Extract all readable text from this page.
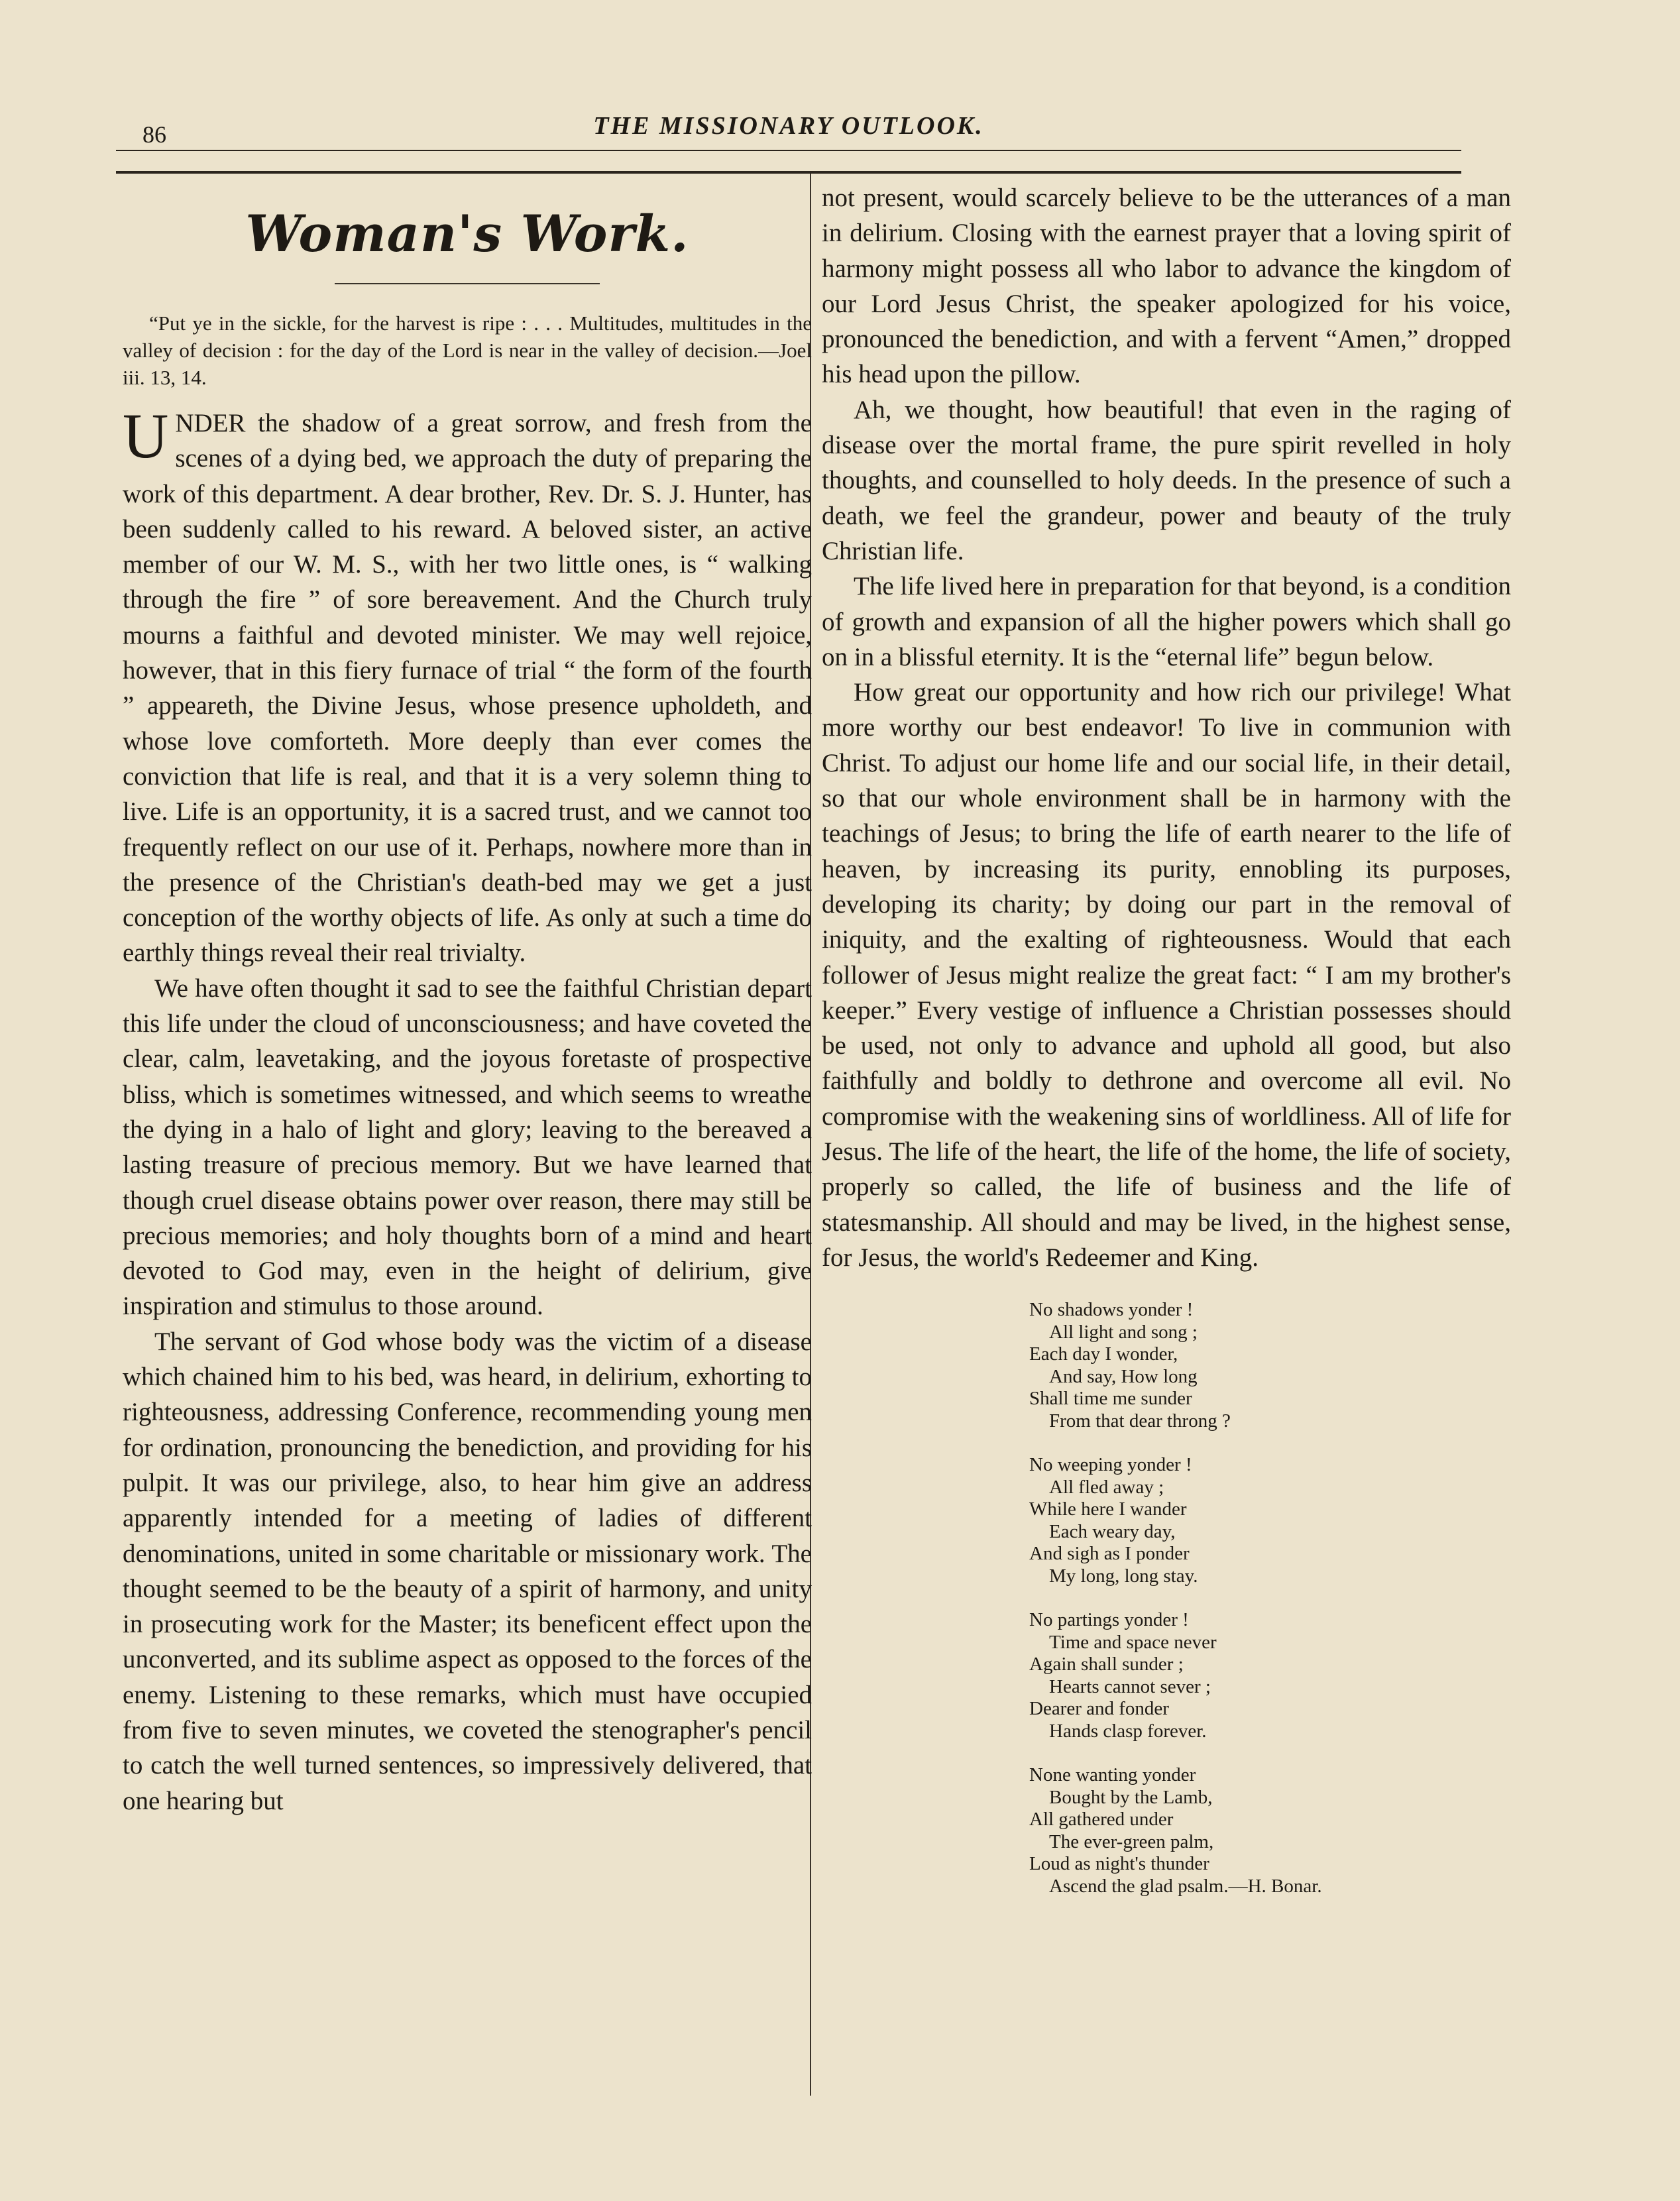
86	THE MISSIONARY OUTLOOK.
Woman's Work.

“Put ye in the sickle, for the harvest is ripe : . . . Multitudes, multitudes in the valley of decision : for the day of the Lord is near in the valley of decision.—Joel iii. 13, 14.

UNDER the shadow of a great sorrow, and fresh from the scenes of a dying bed, we approach the duty of preparing the work of this department. A dear brother, Rev. Dr. S. J. Hunter, has been suddenly called to his reward. A beloved sister, an active member of our W. M. S., with her two little ones, is “ walking through the fire ” of sore bereavement. And the Church truly mourns a faithful and devoted minister. We may well rejoice, however, that in this fiery furnace of trial “ the form of the fourth ” appeareth, the Divine Jesus, whose presence upholdeth, and whose love comforteth. More deeply than ever comes the conviction that life is real, and that it is a very solemn thing to live. Life is an opportunity, it is a sacred trust, and we cannot too frequently reflect on our use of it. Perhaps, nowhere more than in the presence of the Christian's death-bed may we get a just conception of the worthy objects of life. As only at such a time do earthly things reveal their real trivialty.

We have often thought it sad to see the faithful Christian depart this life under the cloud of unconsciousness; and have coveted the clear, calm, leavetaking, and the joyous foretaste of prospective bliss, which is sometimes witnessed, and which seems to wreathe the dying in a halo of light and glory; leaving to the bereaved a lasting treasure of precious memory. But we have learned that though cruel disease obtains power over reason, there may still be precious memories; and holy thoughts born of a mind and heart devoted to God may, even in the height of delirium, give inspiration and stimulus to those around.

The servant of God whose body was the victim of a disease which chained him to his bed, was heard, in delirium, exhorting to righteousness, addressing Conference, recommending young men for ordination, pronouncing the benediction, and providing for his pulpit. It was our privilege, also, to hear him give an address apparently intended for a meeting of ladies of different denominations, united in some charitable or missionary work. The thought seemed to be the beauty of a spirit of harmony, and unity in prosecuting work for the Master; its beneficent effect upon the unconverted, and its sublime aspect as opposed to the forces of the enemy. Listening to these remarks, which must have occupied from five to seven minutes, we coveted the stenographer's pencil to catch the well turned sentences, so impressively delivered, that one hearing but

not present, would scarcely believe to be the utterances of a man in delirium. Closing with the earnest prayer that a loving spirit of harmony might possess all who labor to advance the kingdom of our Lord Jesus Christ, the speaker apologized for his voice, pronounced the benediction, and with a fervent “Amen,” dropped his head upon the pillow.

Ah, we thought, how beautiful! that even in the raging of disease over the mortal frame, the pure spirit revelled in holy thoughts, and counselled to holy deeds. In the presence of such a death, we feel the grandeur, power and beauty of the truly Christian life.

The life lived here in preparation for that beyond, is a condition of growth and expansion of all the higher powers which shall go on in a blissful eternity. It is the “eternal life” begun below.

How great our opportunity and how rich our privilege! What more worthy our best endeavor! To live in communion with Christ. To adjust our home life and our social life, in their detail, so that our whole environment shall be in harmony with the teachings of Jesus; to bring the life of earth nearer to the life of heaven, by increasing its purity, ennobling its purposes, developing its charity; by doing our part in the removal of iniquity, and the exalting of righteousness. Would that each follower of Jesus might realize the great fact: “ I am my brother's keeper.” Every vestige of influence a Christian possesses should be used, not only to advance and uphold all good, but also faithfully and boldly to dethrone and overcome all evil. No compromise with the weakening sins of worldliness. All of life for Jesus. The life of the heart, the life of the home, the life of society, properly so called, the life of business and the life of statesmanship. All should and may be lived, in the highest sense, for Jesus, the world's Redeemer and King.

No shadows yonder !
All light and song ;
Each day I wonder,
And say, How long
Shall time me sunder
From that dear throng ?
No weeping yonder !
All fled away ;
While here I wander
Each weary day,
And sigh as I ponder
My long, long stay.
No partings yonder !
Time and space never
Again shall sunder ;
Hearts cannot sever ;
Dearer and fonder
Hands clasp forever.
None wanting yonder
Bought by the Lamb,
All gathered under
The ever-green palm,
Loud as night's thunder
Ascend the glad psalm.—H. Bonar.
